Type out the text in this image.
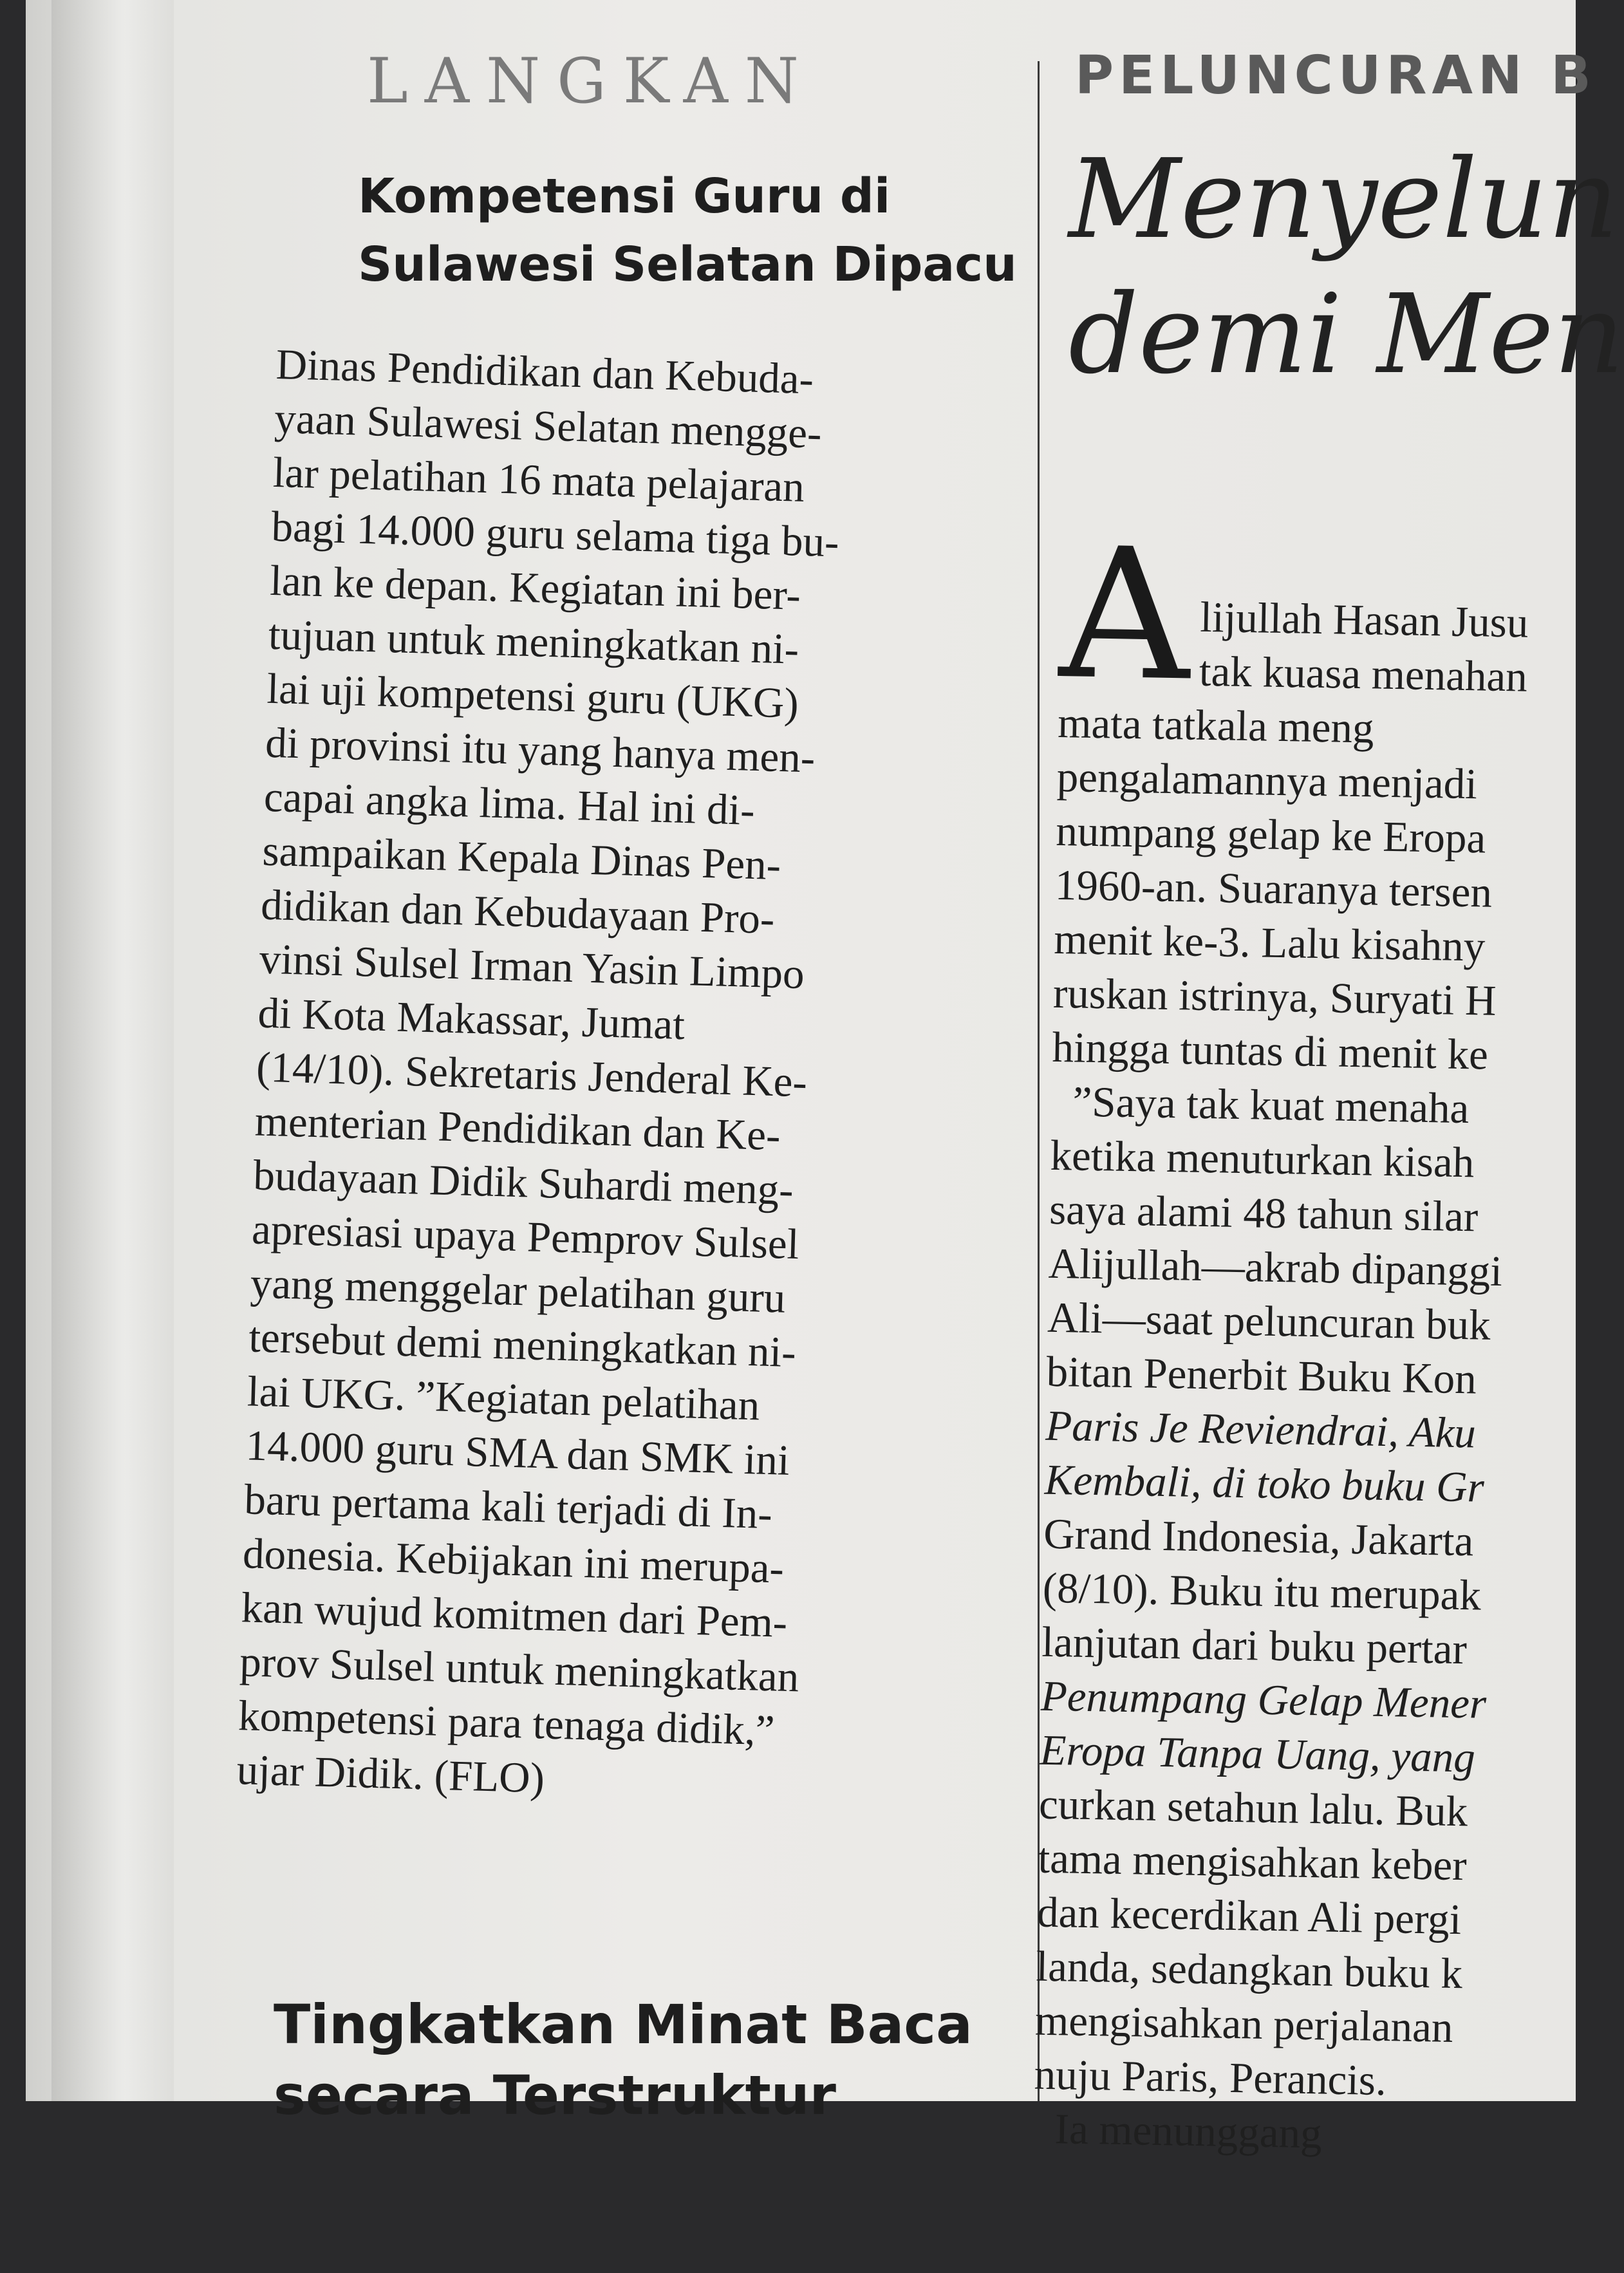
LANGKAN
Kompetensi Guru di
Sulawesi Selatan Dipacu
Dinas Pendidikan dan Kebuda-
yaan Sulawesi Selatan mengge-
lar pelatihan 16 mata pelajaran
bagi 14.000 guru selama tiga bu-
lan ke depan. Kegiatan ini ber-
tujuan untuk meningkatkan ni-
lai uji kompetensi guru (UKG)
di provinsi itu yang hanya men-
capai angka lima. Hal ini di-
sampaikan Kepala Dinas Pen-
didikan dan Kebudayaan Pro-
vinsi Sulsel Irman Yasin Limpo
di Kota Makassar, Jumat
(14/10). Sekretaris Jenderal Ke-
menterian Pendidikan dan Ke-
budayaan Didik Suhardi meng-
apresiasi upaya Pemprov Sulsel
yang menggelar pelatihan guru
tersebut demi meningkatkan ni-
lai UKG. ”Kegiatan pelatihan
14.000 guru SMA dan SMK ini
baru pertama kali terjadi di In-
donesia. Kebijakan ini merupa-
kan wujud komitmen dari Pem-
prov Sulsel untuk meningkatkan
kompetensi para tenaga didik,”
ujar Didik. (FLO)
Tingkatkan Minat Baca
secara Terstruktur
PELUNCURAN B
Menyelun
demi Men

A lijullah Hasan Jusu
tak kuasa menahan
mata tatkala meng
pengalamannya menjadi
numpang gelap ke Eropa
1960-an. Suaranya tersen
menit ke-3. Lalu kisahny
ruskan istrinya, Suryati H
hingga tuntas di menit ke
”Saya tak kuat menaha
ketika menuturkan kisah
saya alami 48 tahun silar
Alijullah—akrab dipanggi
Ali—saat peluncuran buk
bitan Penerbit Buku Kon
Paris Je Reviendrai, Aku
Kembali, di toko buku Gr
Grand Indonesia, Jakarta
(8/10). Buku itu merupak
lanjutan dari buku pertar
Penumpang Gelap Mener
Eropa Tanpa Uang, yang
curkan setahun lalu. Buk
tama mengisahkan keber
dan kecerdikan Ali pergi
landa, sedangkan buku k
mengisahkan perjalanan
nuju Paris, Perancis.
Ia menunggang
